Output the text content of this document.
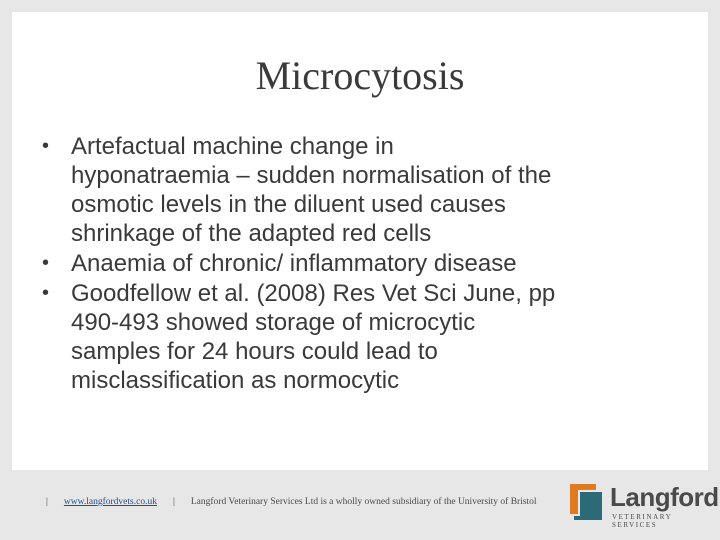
Microcytosis
• Artefactual machine change in
hyponatraemia – sudden normalisation of the
osmotic levels in the diluent used causes
shrinkage of the adapted red cells
• Anaemia of chronic/ inflammatory disease
• Goodfellow et al. (2008) Res Vet Sci June, pp
490-493 showed storage of microcytic
samples for 24 hours could lead to
misclassification as normocytic
| www.langfordvets.co.uk | Langford Veterinary Services Ltd is a wholly owned subsidiary of the University of Bristol	Langford
VETERINARY SERVICES
